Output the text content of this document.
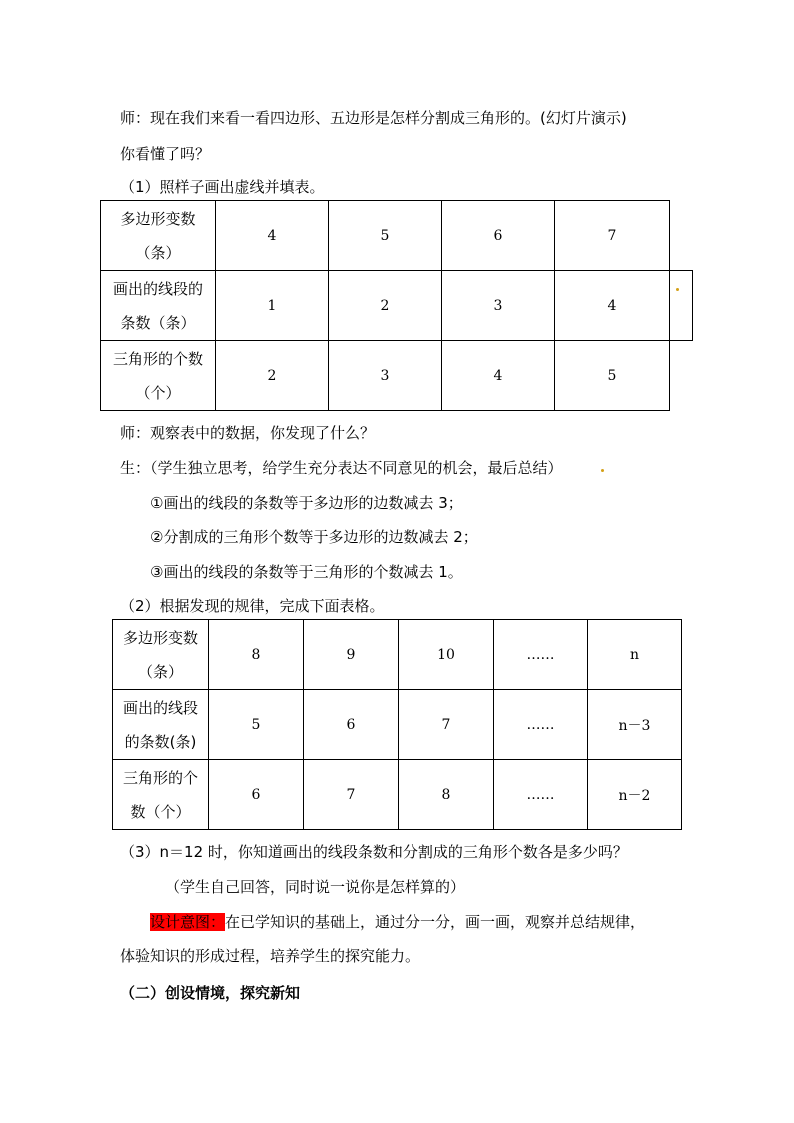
师：现在我们来看一看四边形、五边形是怎样分割成三角形的。(幻灯片演示)
你看懂了吗？
（1）照样子画出虚线并填表。
多边形变数
（条）	4	5	6	7
画出的线段的
条数（条）	1	2	3	4
三角形的个数
（个）	2	3	4	5
师：观察表中的数据，你发现了什么？
生：（学生独立思考，给学生充分表达不同意见的机会，最后总结）
①画出的线段的条数等于多边形的边数减去 3；
②分割成的三角形个数等于多边形的边数减去 2；
③画出的线段的条数等于三角形的个数减去 1。
（2）根据发现的规律，完成下面表格。
多边形变数
（条）	8	9	10	……	n
画出的线段
的条数(条)	5	6	7	……	n－3
三角形的个
数（个）	6	7	8	……	n－2
（3）n＝12 时，你知道画出的线段条数和分割成的三角形个数各是多少吗？
（学生自己回答，同时说一说你是怎样算的）
设计意图：在已学知识的基础上，通过分一分，画一画，观察并总结规律，
体验知识的形成过程，培养学生的探究能力。
（二）创设情境，探究新知
